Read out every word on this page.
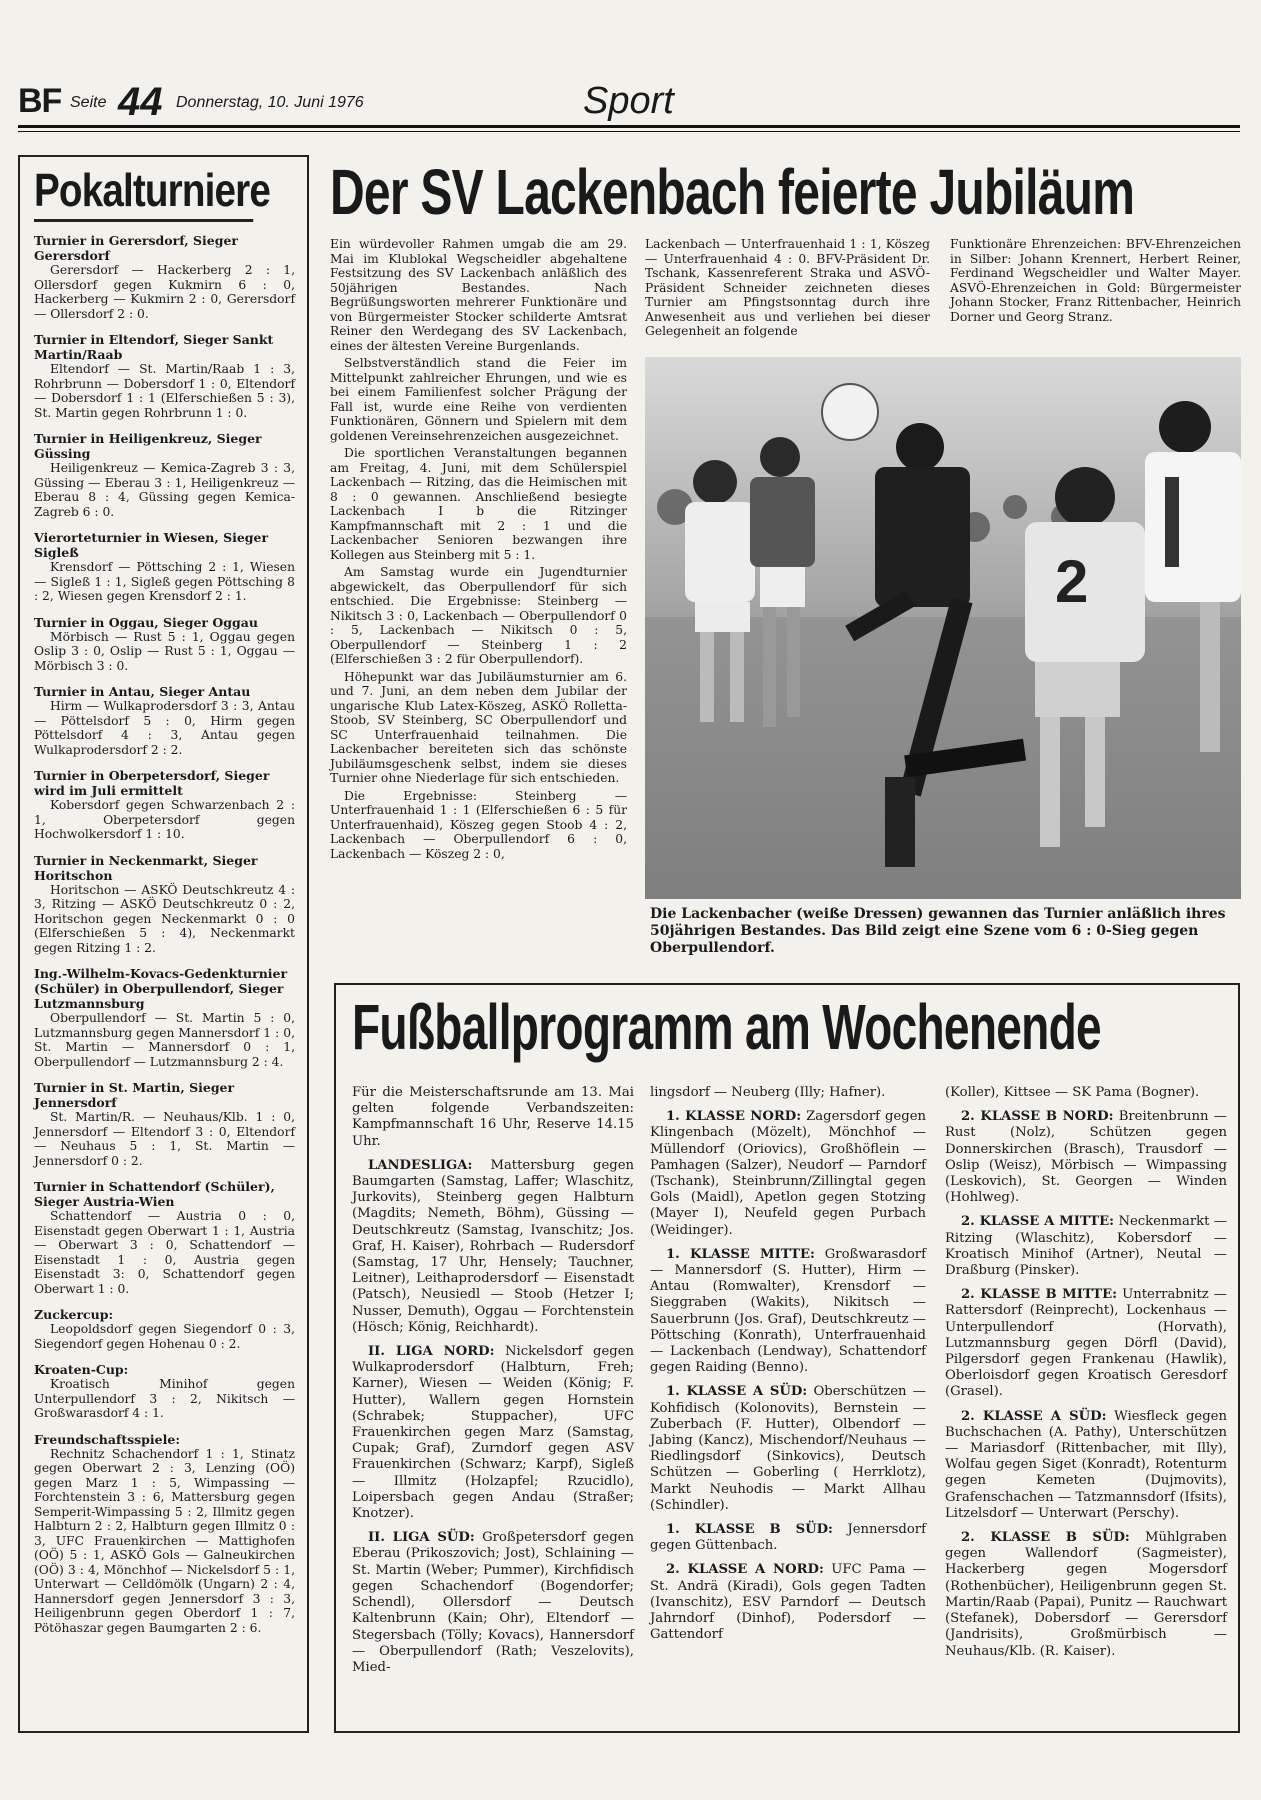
BF Seite 44 Donnerstag, 10. Juni 1976	Sport
Pokalturniere
Turnier in Gerersdorf, Sieger Gerersdorf
Gerersdorf — Hackerberg 2 : 1, Ollersdorf gegen Kukmirn 6 : 0, Hackerberg — Kukmirn 2 : 0, Gerersdorf — Ollersdorf 2 : 0.
Turnier in Eltendorf, Sieger Sankt Martin/Raab
Eltendorf — St. Martin/Raab 1 : 3, Rohrbrunn — Dobersdorf 1 : 0, Eltendorf — Dobersdorf 1 : 1 (Elferschießen 5 : 3), St. Martin gegen Rohrbrunn 1 : 0.
Turnier in Heiligenkreuz, Sieger Güssing
Heiligenkreuz — Kemica-Zagreb 3 : 3, Güssing — Eberau 3 : 1, Heiligenkreuz — Eberau 8 : 4, Güssing gegen Kemica-Zagreb 6 : 0.
Vierorteturnier in Wiesen, Sieger Sigleß
Krensdorf — Pöttsching 2 : 1, Wiesen — Sigleß 1 : 1, Sigleß gegen Pöttsching 8 : 2, Wiesen gegen Krensdorf 2 : 1.
Turnier in Oggau, Sieger Oggau
Mörbisch — Rust 5 : 1, Oggau gegen Oslip 3 : 0, Oslip — Rust 5 : 1, Oggau — Mörbisch 3 : 0.
Turnier in Antau, Sieger Antau
Hirm — Wulkaprodersdorf 3 : 3, Antau — Pöttelsdorf 5 : 0, Hirm gegen Pöttelsdorf 4 : 3, Antau gegen Wulkaprodersdorf 2 : 2.
Turnier in Oberpetersdorf, Sieger wird im Juli ermittelt
Kobersdorf gegen Schwarzenbach 2 : 1, Oberpetersdorf gegen Hochwolkersdorf 1 : 10.
Turnier in Neckenmarkt, Sieger Horitschon
Horitschon — ASKÖ Deutschkreutz 4 : 3, Ritzing — ASKÖ Deutschkreutz 0 : 2, Horitschon gegen Neckenmarkt 0 : 0 (Elferschießen 5 : 4), Neckenmarkt gegen Ritzing 1 : 2.
Ing.-Wilhelm-Kovacs-Gedenkturnier (Schüler) in Oberpullendorf, Sieger Lutzmannsburg
Oberpullendorf — St. Martin 5 : 0, Lutzmannsburg gegen Mannersdorf 1 : 0, St. Martin — Mannersdorf 0 : 1, Oberpullendorf — Lutzmannsburg 2 : 4.
Turnier in St. Martin, Sieger Jennersdorf
St. Martin/R. — Neuhaus/Klb. 1 : 0, Jennersdorf — Eltendorf 3 : 0, Eltendorf — Neuhaus 5 : 1, St. Martin — Jennersdorf 0 : 2.
Turnier in Schattendorf (Schüler), Sieger Austria-Wien
Schattendorf — Austria 0 : 0, Eisenstadt gegen Oberwart 1 : 1, Austria — Oberwart 3 : 0, Schattendorf — Eisenstadt 1 : 0, Austria gegen Eisenstadt 3: 0, Schattendorf gegen Oberwart 1 : 0.
Zuckercup:
Leopoldsdorf gegen Siegendorf 0 : 3, Siegendorf gegen Hohenau 0 : 2.
Kroaten-Cup:
Kroatisch Minihof gegen Unterpullendorf 3 : 2, Nikitsch — Großwarasdorf 4 : 1.
Freundschaftsspiele:
Rechnitz Schachendorf 1 : 1, Stinatz gegen Oberwart 2 : 3, Lenzing (OÖ) gegen Marz 1 : 5, Wimpassing — Forchtenstein 3 : 6, Mattersburg gegen Semperit-Wimpassing 5 : 2, Illmitz gegen Halbturn 2 : 2, Halbturn gegen Illmitz 0 : 3, UFC Frauenkirchen — Mattighofen (OÖ) 5 : 1, ASKÖ Gols — Galneukirchen (OÖ) 3 : 4, Mönchhof — Nickelsdorf 5 : 1, Unterwart — Celldömölk (Ungarn) 2 : 4, Hannersdorf gegen Jennersdorf 3 : 3, Heiligenbrunn gegen Oberdorf 1 : 7, Pötöhaszar gegen Baumgarten 2 : 6.
Der SV Lackenbach feierte Jubiläum

Ein würdevoller Rahmen umgab die am 29. Mai im Klublokal Wegscheidler abgehaltene Festsitzung des SV Lackenbach anläßlich des 50jährigen Bestandes. Nach Begrüßungsworten mehrerer Funktionäre und von Bürgermeister Stocker schilderte Amtsrat Reiner den Werdegang des SV Lackenbach, eines der ältesten Vereine Burgenlands.

Selbstverständlich stand die Feier im Mittelpunkt zahlreicher Ehrungen, und wie es bei einem Familienfest solcher Prägung der Fall ist, wurde eine Reihe von verdienten Funktionären, Gönnern und Spielern mit dem goldenen Vereinsehrenzeichen ausgezeichnet.

Die sportlichen Veranstaltungen begannen am Freitag, 4. Juni, mit dem Schülerspiel Lackenbach — Ritzing, das die Heimischen mit 8 : 0 gewannen. Anschließend besiegte Lackenbach I b die Ritzinger Kampfmannschaft mit 2 : 1 und die Lackenbacher Senioren bezwangen ihre Kollegen aus Steinberg mit 5 : 1.

Am Samstag wurde ein Jugendturnier abgewickelt, das Oberpullendorf für sich entschied. Die Ergebnisse: Steinberg — Nikitsch 3 : 0, Lackenbach — Oberpullendorf 0 : 5, Lackenbach — Nikitsch 0 : 5, Oberpullendorf — Steinberg 1 : 2 (Elferschießen 3 : 2 für Oberpullendorf).

Höhepunkt war das Jubiläumsturnier am 6. und 7. Juni, an dem neben dem Jubilar der ungarische Klub Latex-Köszeg, ASKÖ Rolletta-Stoob, SV Steinberg, SC Oberpullendorf und SC Unterfrauenhaid teilnahmen. Die Lackenbacher bereiteten sich das schönste Jubiläumsgeschenk selbst, indem sie dieses Turnier ohne Niederlage für sich entschieden.

Die Ergebnisse: Steinberg — Unterfrauenhaid 1 : 1 (Elferschießen 6 : 5 für Unterfrauenhaid), Köszeg gegen Stoob 4 : 2, Lackenbach — Oberpullendorf 6 : 0, Lackenbach — Köszeg 2 : 0,

Lackenbach — Unterfrauenhaid 1 : 1, Köszeg — Unterfrauenhaid 4 : 0. BFV-Präsident Dr. Tschank, Kassenreferent Straka und ASVÖ-Präsident Schneider zeichneten dieses Turnier am Pfingstsonntag durch ihre Anwesenheit aus und verliehen bei dieser Gelegenheit an folgende

Funktionäre Ehrenzeichen: BFV-Ehrenzeichen in Silber: Johann Krennert, Herbert Reiner, Ferdinand Wegscheidler und Walter Mayer. ASVÖ-Ehrenzeichen in Gold: Bürgermeister Johann Stocker, Franz Rittenbacher, Heinrich Dorner und Georg Stranz.

2
Die Lackenbacher (weiße Dressen) gewannen das Turnier anläßlich ihres 50jährigen Bestandes. Das Bild zeigt eine Szene vom 6 : 0-Sieg gegen Oberpullendorf.
Fußballprogramm am Wochenende

Für die Meisterschaftsrunde am 13. Mai gelten folgende Verbandszeiten: Kampfmannschaft 16 Uhr, Reserve 14.15 Uhr.

LANDESLIGA: Mattersburg gegen Baumgarten (Samstag, Laffer; Wlaschitz, Jurkovits), Steinberg gegen Halbturn (Magdits; Nemeth, Böhm), Güssing — Deutschkreutz (Samstag, Ivanschitz; Jos. Graf, H. Kaiser), Rohrbach — Rudersdorf (Samstag, 17 Uhr, Hensely; Tauchner, Leitner), Leithaprodersdorf — Eisenstadt (Patsch), Neusiedl — Stoob (Hetzer I; Nusser, Demuth), Oggau — Forchtenstein (Hösch; König, Reichhardt).

II. LIGA NORD: Nickelsdorf gegen Wulkaprodersdorf (Halbturn, Freh; Karner), Wiesen — Weiden (König; F. Hutter), Wallern gegen Hornstein (Schrabek; Stuppacher), UFC Frauenkirchen gegen Marz (Samstag, Cupak; Graf), Zurndorf gegen ASV Frauenkirchen (Schwarz; Karpf), Sigleß — Illmitz (Holzapfel; Rzucidlo), Loipersbach gegen Andau (Straßer; Knotzer).

II. LIGA SÜD: Großpetersdorf gegen Eberau (Prikoszovich; Jost), Schlaining — St. Martin (Weber; Pummer), Kirchfidisch gegen Schachendorf (Bogendorfer; Schendl), Ollersdorf — Deutsch Kaltenbrunn (Kain; Ohr), Eltendorf — Stegersbach (Tölly; Kovacs), Hannersdorf — Oberpullendorf (Rath; Veszelovits), Mied-

lingsdorf — Neuberg (Illy; Hafner).

1. KLASSE NORD: Zagersdorf gegen Klingenbach (Mözelt), Mönchhof — Müllendorf (Oriovics), Großhöflein — Pamhagen (Salzer), Neudorf — Parndorf (Tschank), Steinbrunn/Zillingtal gegen Gols (Maidl), Apetlon gegen Stotzing (Mayer I), Neufeld gegen Purbach (Weidinger).

1. KLASSE MITTE: Großwarasdorf — Mannersdorf (S. Hutter), Hirm — Antau (Romwalter), Krensdorf — Sieggraben (Wakits), Nikitsch — Sauerbrunn (Jos. Graf), Deutschkreutz — Pöttsching (Konrath), Unterfrauenhaid — Lackenbach (Lendway), Schattendorf gegen Raiding (Benno).

1. KLASSE A SÜD: Oberschützen — Kohfidisch (Kolonovits), Bernstein — Zuberbach (F. Hutter), Olbendorf — Jabing (Kancz), Mischendorf/Neuhaus — Riedlingsdorf (Sinkovics), Deutsch Schützen — Goberling ( Herrklotz), Markt Neuhodis — Markt Allhau (Schindler).

1. KLASSE B SÜD: Jennersdorf gegen Güttenbach.

2. KLASSE A NORD: UFC Pama — St. Andrä (Kiradi), Gols gegen Tadten (Ivanschitz), ESV Parndorf — Deutsch Jahrndorf (Dinhof), Podersdorf — Gattendorf

(Koller), Kittsee — SK Pama (Bogner).

2. KLASSE B NORD: Breitenbrunn — Rust (Nolz), Schützen gegen Donnerskirchen (Brasch), Trausdorf — Oslip (Weisz), Mörbisch — Wimpassing (Leskovich), St. Georgen — Winden (Hohlweg).

2. KLASSE A MITTE: Neckenmarkt — Ritzing (Wlaschitz), Kobersdorf — Kroatisch Minihof (Artner), Neutal — Draßburg (Pinsker).

2. KLASSE B MITTE: Unterrabnitz — Rattersdorf (Reinprecht), Lockenhaus — Unterpullendorf (Horvath), Lutzmannsburg gegen Dörfl (David), Pilgersdorf gegen Frankenau (Hawlik), Oberloisdorf gegen Kroatisch Geresdorf (Grasel).

2. KLASSE A SÜD: Wiesfleck gegen Buchschachen (A. Pathy), Unterschützen — Mariasdorf (Rittenbacher, mit Illy), Wolfau gegen Siget (Konradt), Rotenturm gegen Kemeten (Dujmovits), Grafenschachen — Tatzmannsdorf (Ifsits), Litzelsdorf — Unterwart (Perschy).

2. KLASSE B SÜD: Mühlgraben gegen Wallendorf (Sagmeister), Hackerberg gegen Mogersdorf (Rothenbücher), Heiligenbrunn gegen St. Martin/Raab (Papai), Punitz — Rauchwart (Stefanek), Dobersdorf — Gerersdorf (Jandrisits), Großmürbisch — Neuhaus/Klb. (R. Kaiser).
